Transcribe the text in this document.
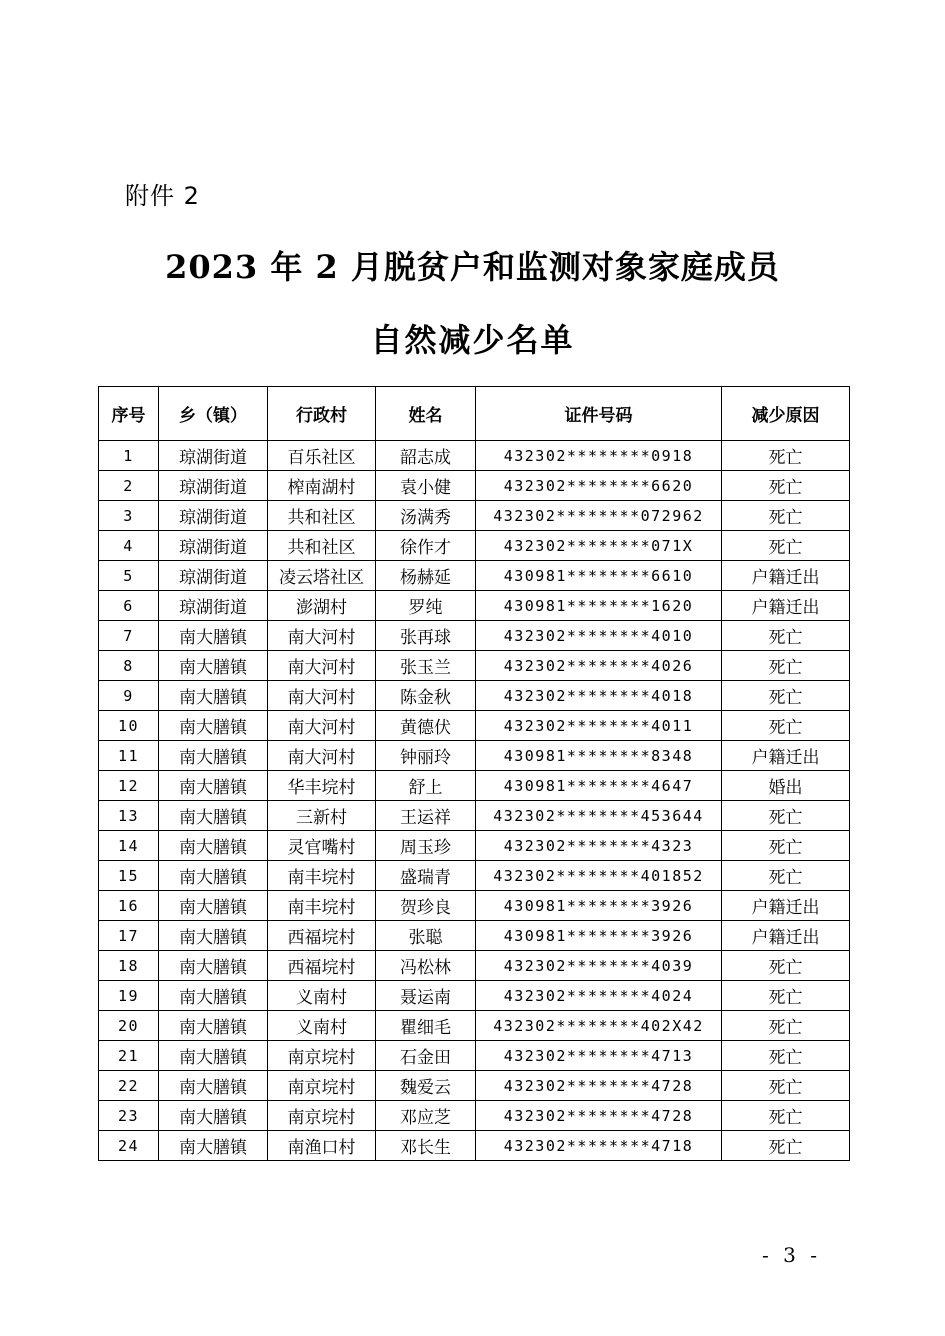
附件 2
2023 年 2 月脱贫户和监测对象家庭成员
自然减少名单
序号	乡（镇）	行政村	姓名	证件号码	减少原因
1	琼湖街道	百乐社区	韶志成	432302********0918	死亡
2	琼湖街道	榨南湖村	袁小健	432302********6620	死亡
3	琼湖街道	共和社区	汤满秀	432302********072962	死亡
4	琼湖街道	共和社区	徐作才	432302********071X	死亡
5	琼湖街道	凌云塔社区	杨赫延	430981********6610	户籍迁出
6	琼湖街道	澎湖村	罗纯	430981********1620	户籍迁出
7	南大膳镇	南大河村	张再球	432302********4010	死亡
8	南大膳镇	南大河村	张玉兰	432302********4026	死亡
9	南大膳镇	南大河村	陈金秋	432302********4018	死亡
10	南大膳镇	南大河村	黄德伏	432302********4011	死亡
11	南大膳镇	南大河村	钟丽玲	430981********8348	户籍迁出
12	南大膳镇	华丰垸村	舒上	430981********4647	婚出
13	南大膳镇	三新村	王运祥	432302********453644	死亡
14	南大膳镇	灵官嘴村	周玉珍	432302********4323	死亡
15	南大膳镇	南丰垸村	盛瑞青	432302********401852	死亡
16	南大膳镇	南丰垸村	贺珍良	430981********3926	户籍迁出
17	南大膳镇	西福垸村	张聪	430981********3926	户籍迁出
18	南大膳镇	西福垸村	冯松林	432302********4039	死亡
19	南大膳镇	义南村	聂运南	432302********4024	死亡
20	南大膳镇	义南村	瞿细毛	432302********402X42	死亡
21	南大膳镇	南京垸村	石金田	432302********4713	死亡
22	南大膳镇	南京垸村	魏爱云	432302********4728	死亡
23	南大膳镇	南京垸村	邓应芝	432302********4728	死亡
24	南大膳镇	南渔口村	邓长生	432302********4718	死亡
- 3 -
